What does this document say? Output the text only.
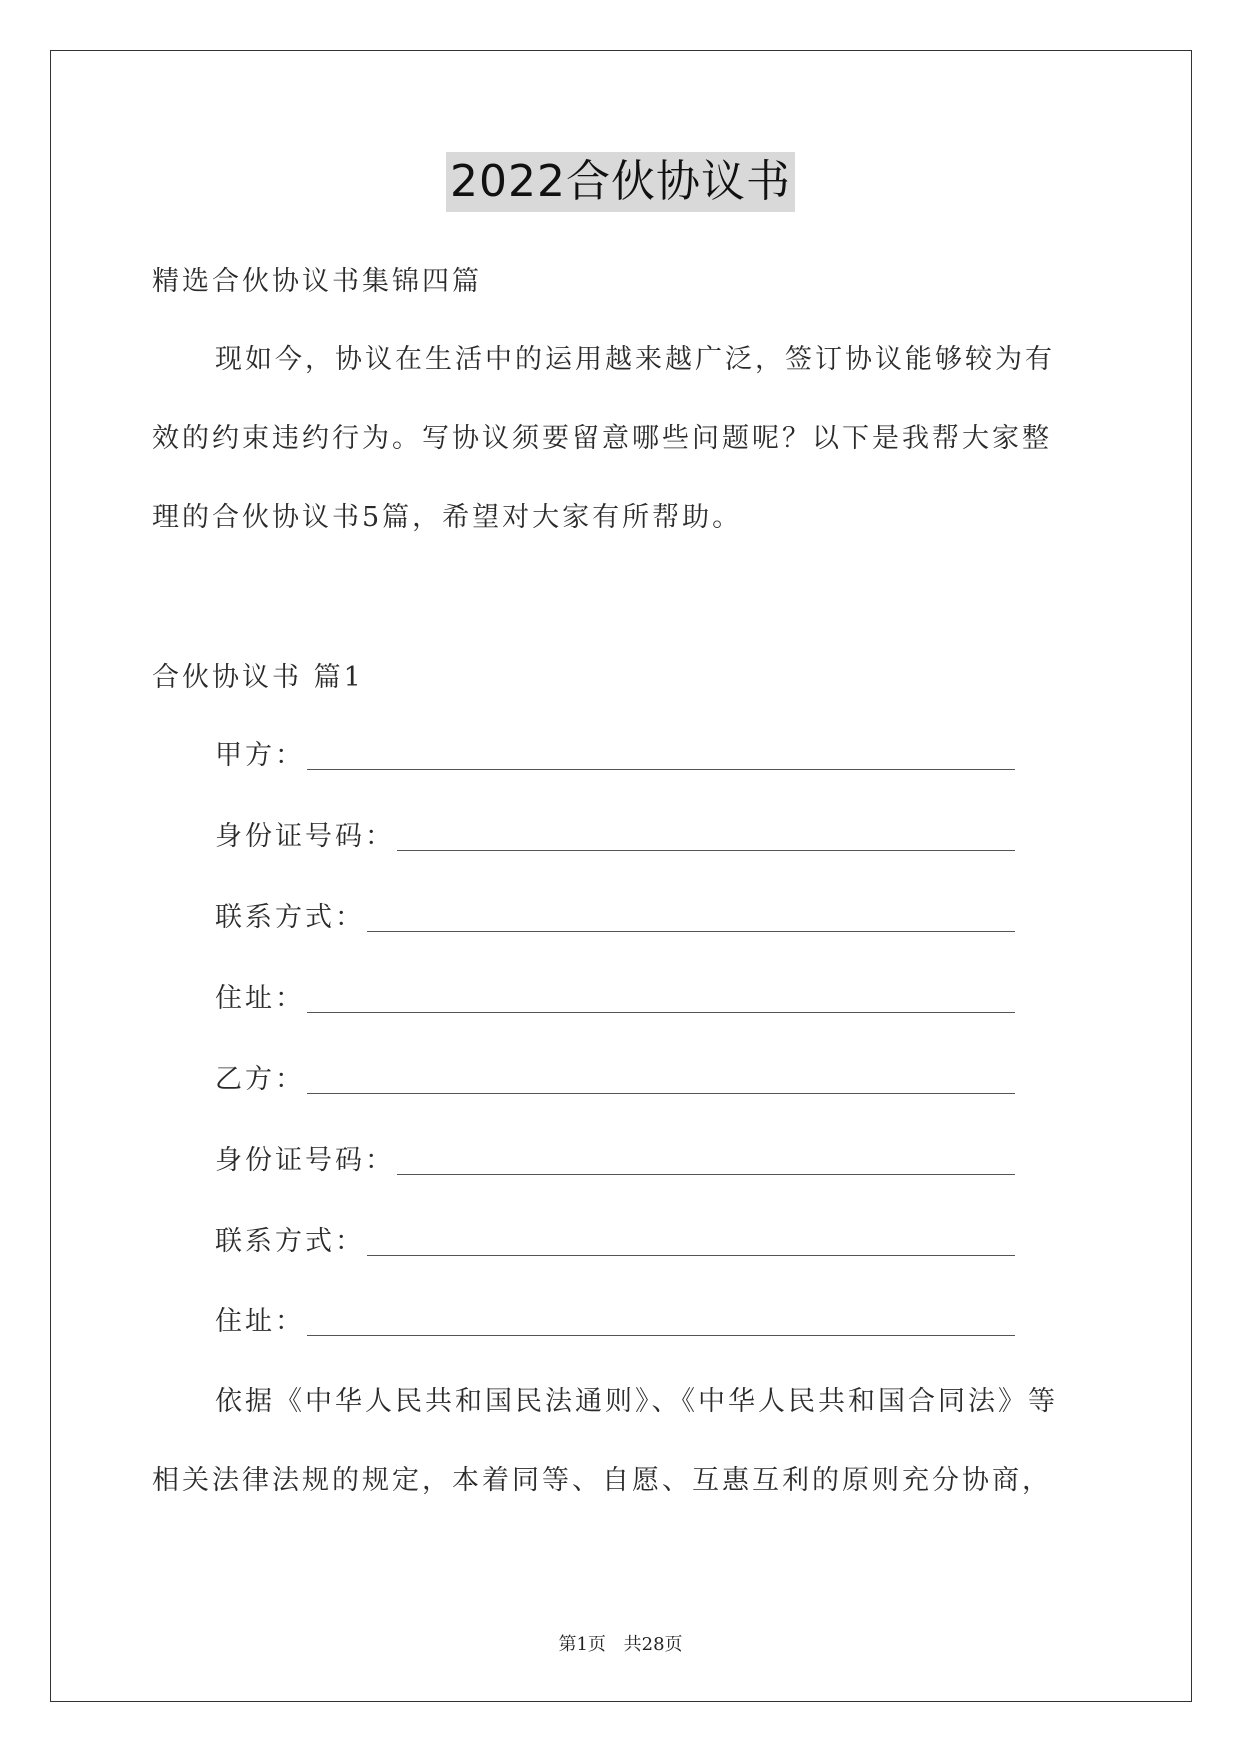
2022合伙协议书
精选合伙协议书集锦四篇
现如今，协议在生活中的运用越来越广泛，签订协议能够较为有
效的约束违约行为。写协议须要留意哪些问题呢？以下是我帮大家整
理的合伙协议书5篇，希望对大家有所帮助。
合伙协议书 篇1
甲方：
身份证号码：
联系方式：
住址：
乙方：
身份证号码：
联系方式：
住址：
依据《中华人民共和国民法通则》、《中华人民共和国合同法》等
相关法律法规的规定，本着同等、自愿、互惠互利的原则充分协商，
第1页 共28页
